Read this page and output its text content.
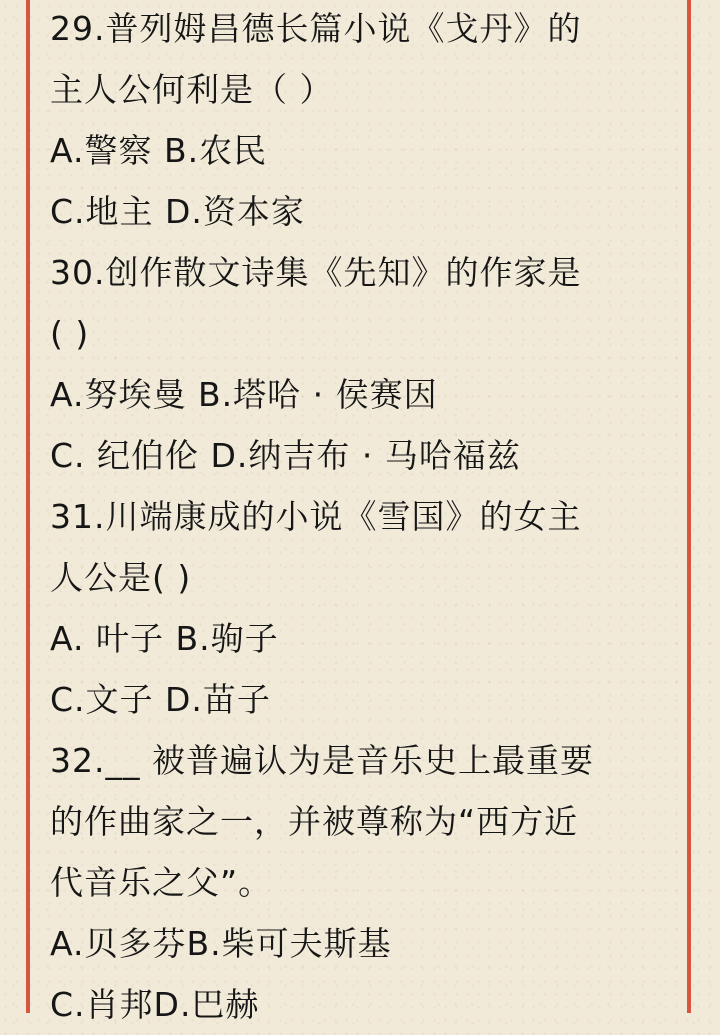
29.普列姆昌德长篇小说《戈丹》的
主人公何利是（ ）
A.警察 B.农民
C.地主 D.资本家
30.创作散文诗集《先知》的作家是
( )
A.努埃曼 B.塔哈 · 侯赛因
C. 纪伯伦 D.纳吉布 · 马哈福兹
31.川端康成的小说《雪国》的女主
人公是( )
A. 叶子 B.驹子
C.文子 D.苗子
32.__ 被普遍认为是音乐史上最重要
的作曲家之一，并被尊称为“西方近
代音乐之父”。
A.贝多芬B.柴可夫斯基
C.肖邦D.巴赫
